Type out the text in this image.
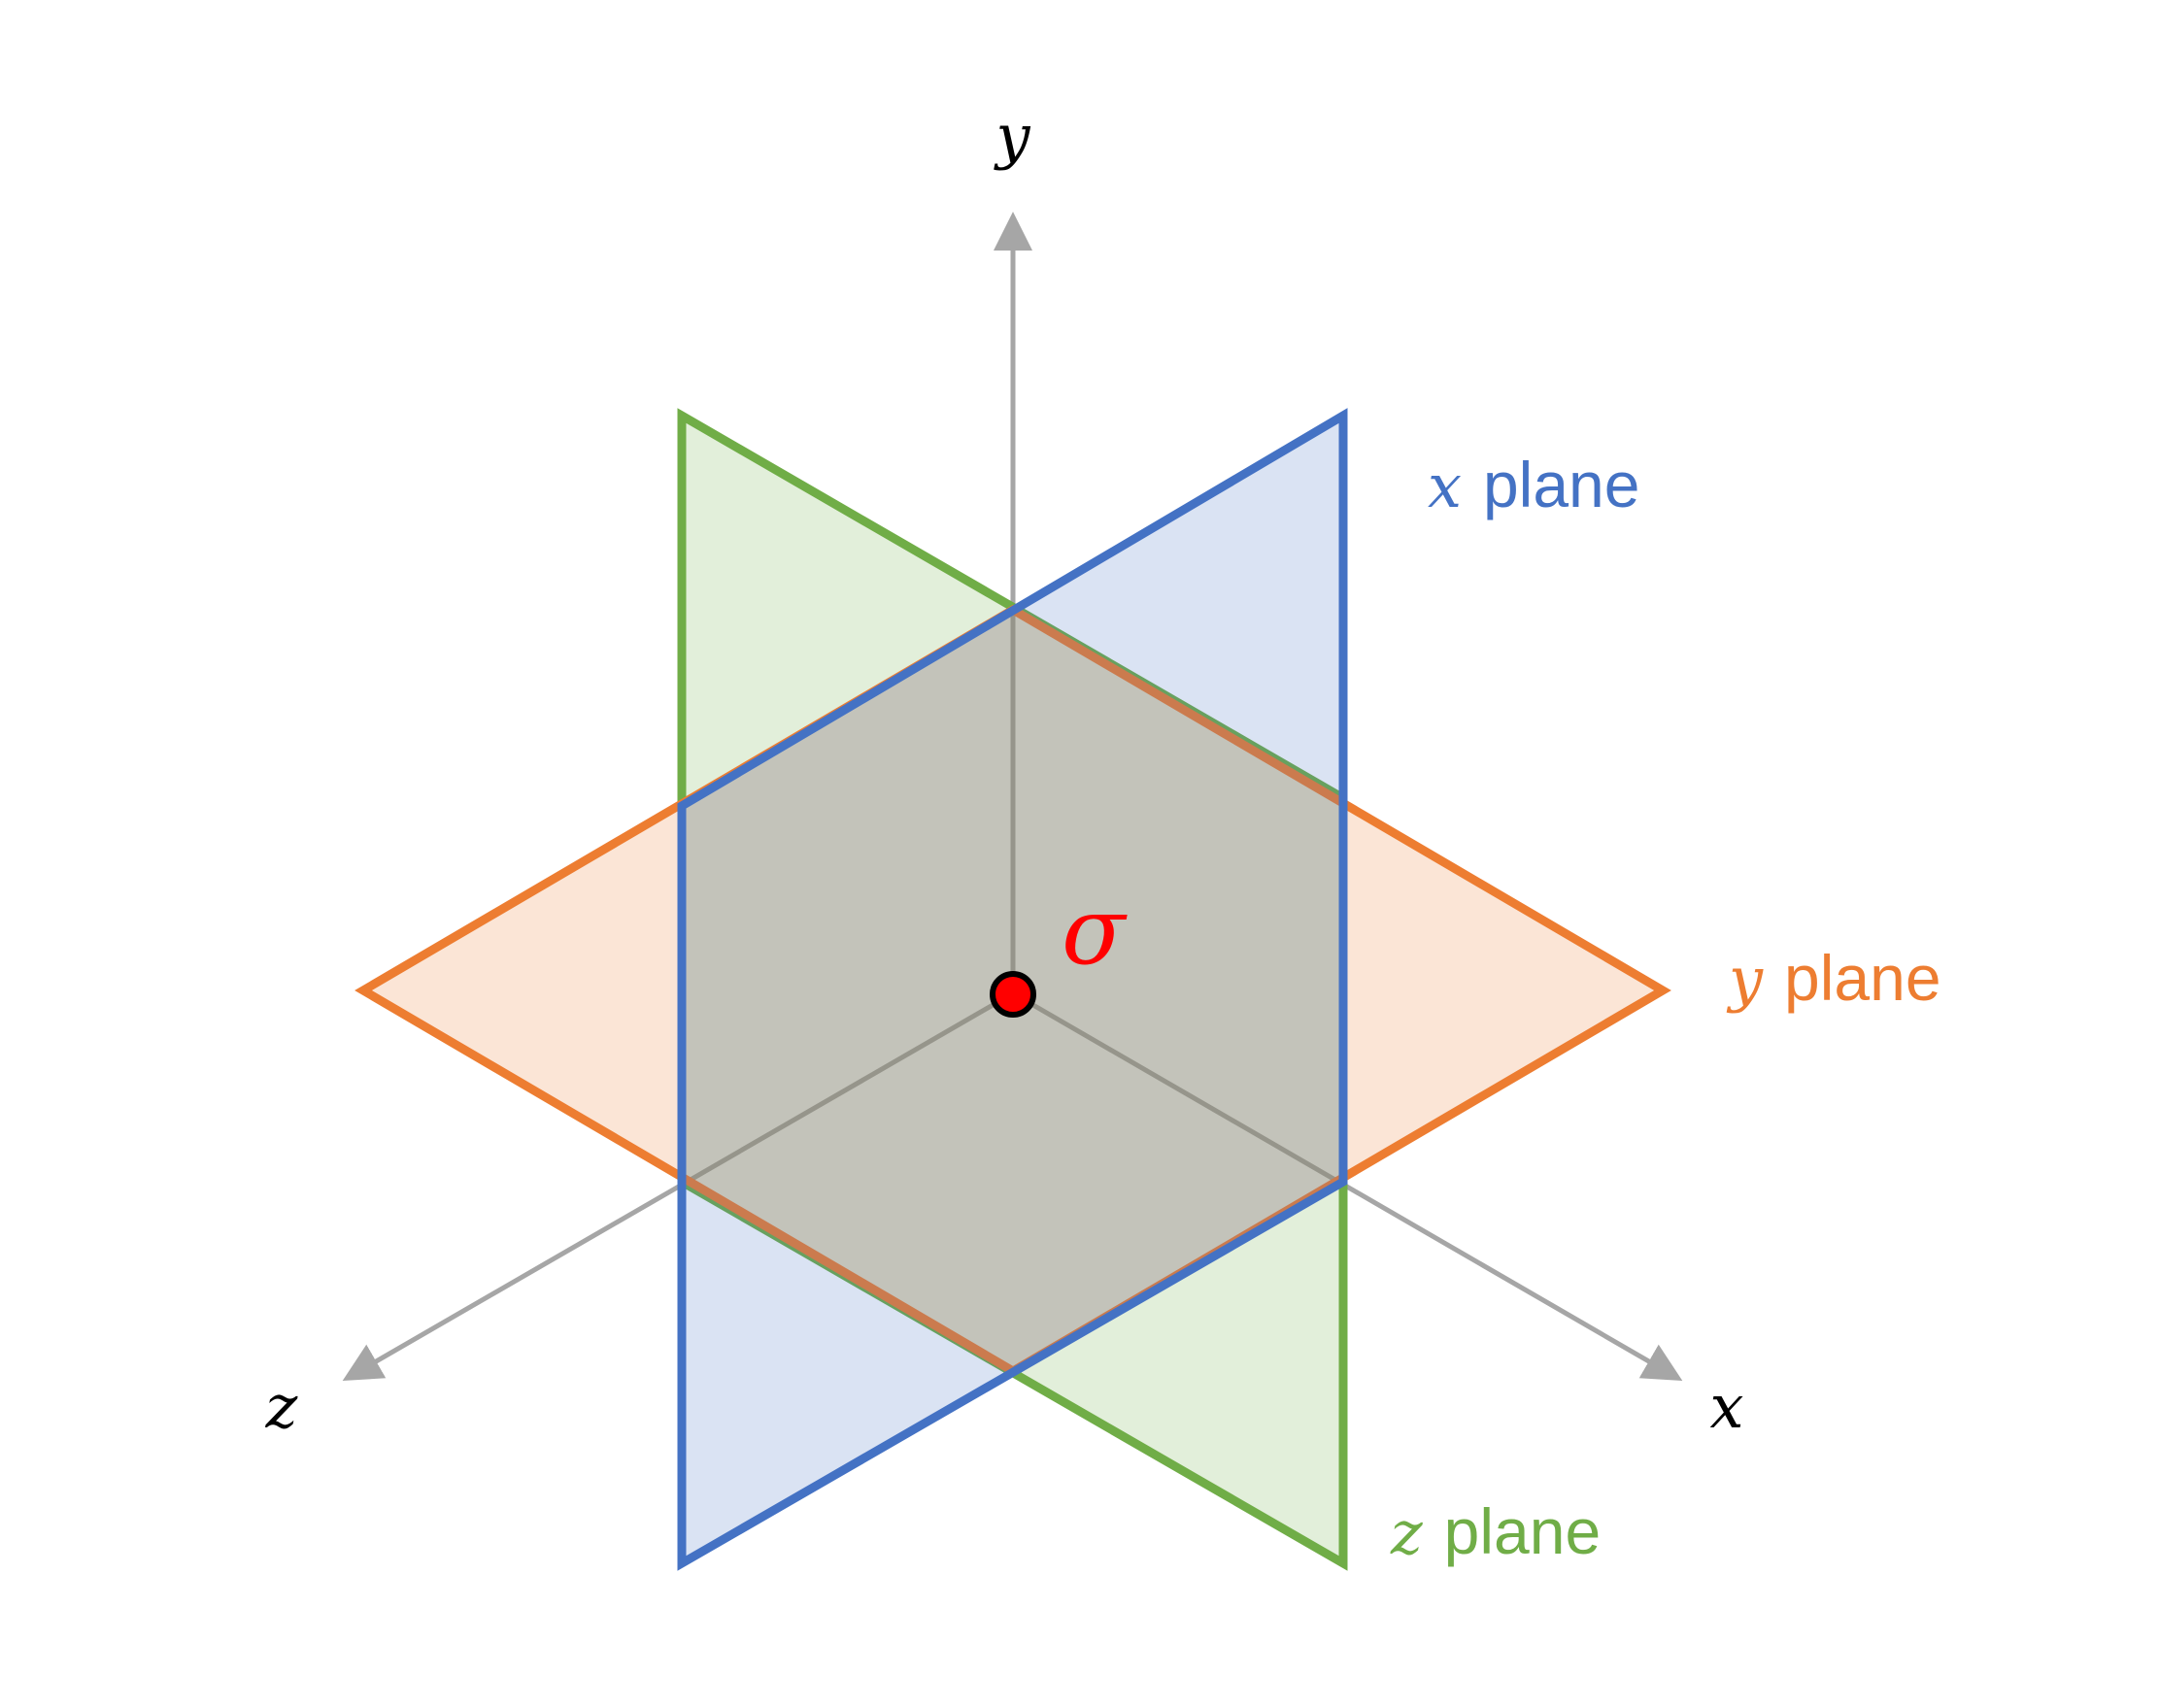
y
x
z
σ
x plane
y plane
z plane
